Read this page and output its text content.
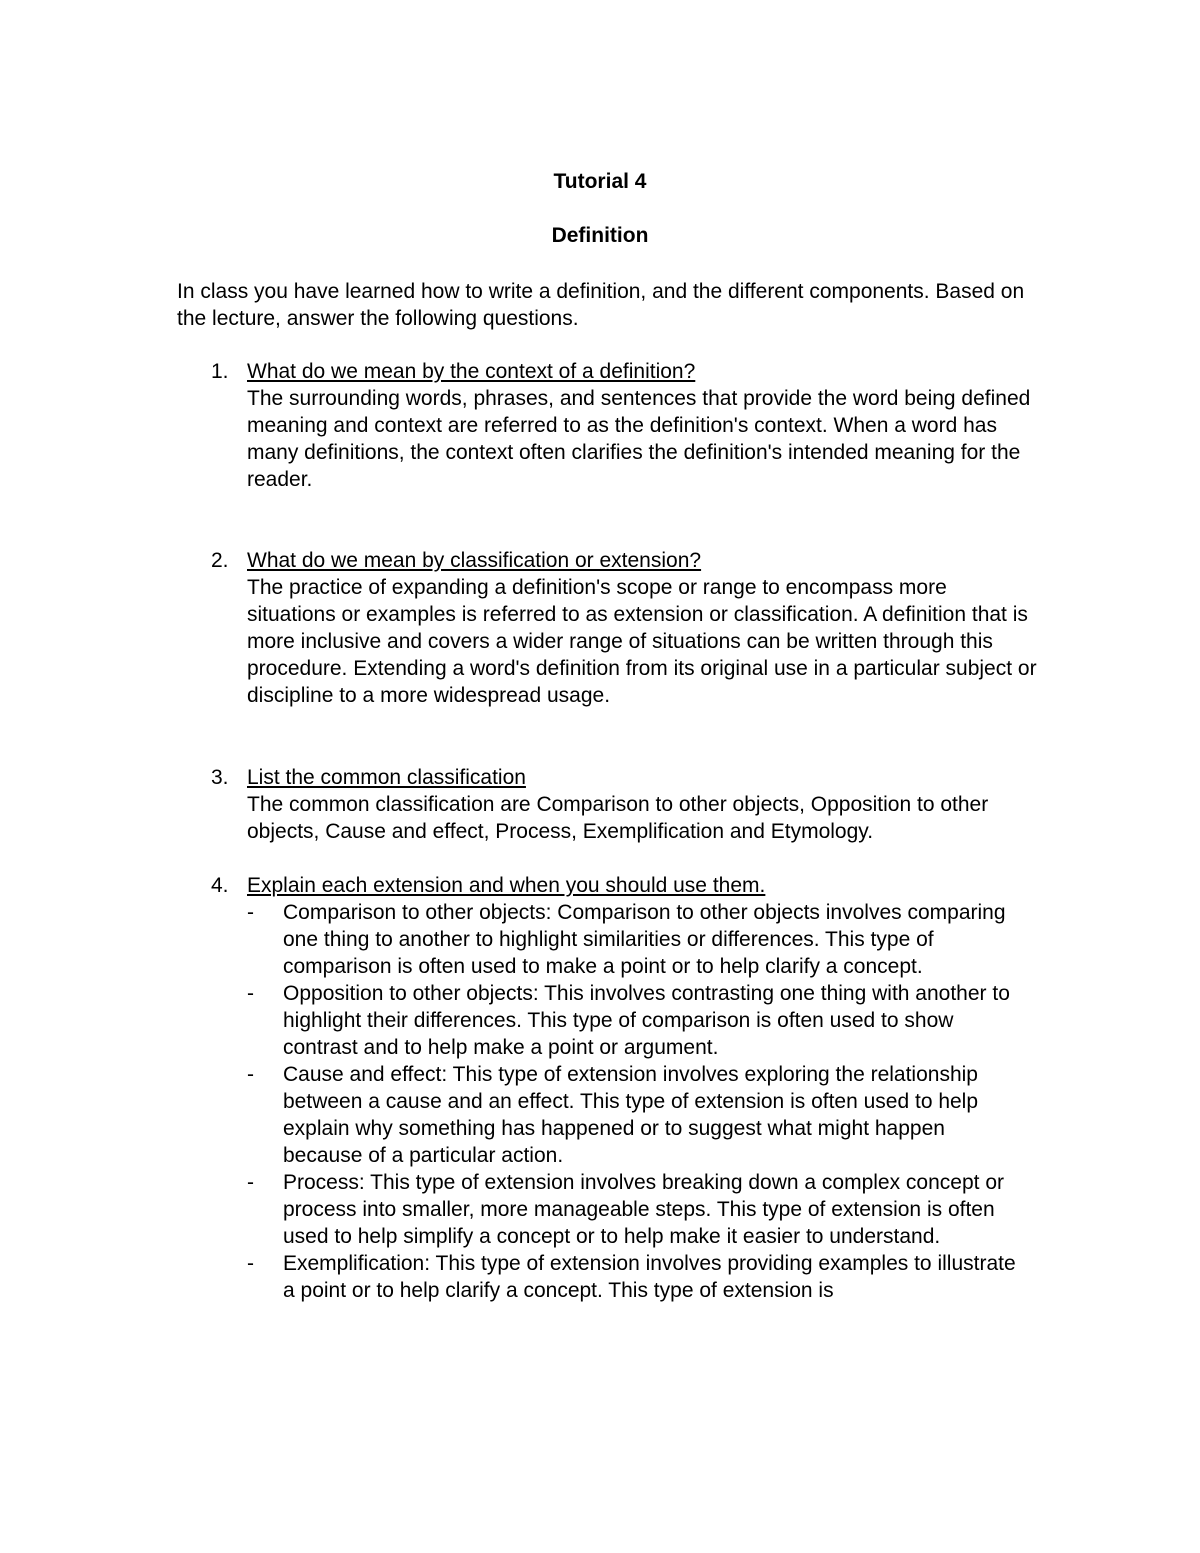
Tutorial 4
Definition

In class you have learned how to write a definition, and the different components. Based on the lecture, answer the following questions.

1. What do we mean by the context of a definition?

The surrounding words, phrases, and sentences that provide the word being defined meaning and context are referred to as the definition's context. When a word has many definitions, the context often clarifies the definition's intended meaning for the reader.

2. What do we mean by classification or extension?

The practice of expanding a definition's scope or range to encompass more situations or examples is referred to as extension or classification. A definition that is more inclusive and covers a wider range of situations can be written through this procedure. Extending a word's definition from its original use in a particular subject or discipline to a more widespread usage.

3. List the common classification

The common classification are Comparison to other objects, Opposition to other objects, Cause and effect, Process, Exemplification and Etymology.

4. Explain each extension and when you should use them.
-	Comparison to other objects: Comparison to other objects involves comparing one thing to another to highlight similarities or differences. This type of comparison is often used to make a point or to help clarify a concept.
-	Opposition to other objects: This involves contrasting one thing with another to highlight their differences. This type of comparison is often used to show contrast and to help make a point or argument.
-	Cause and effect: This type of extension involves exploring the relationship between a cause and an effect. This type of extension is often used to help explain why something has happened or to suggest what might happen because of a particular action.
-	Process: This type of extension involves breaking down a complex concept or process into smaller, more manageable steps. This type of extension is often used to help simplify a concept or to help make it easier to understand.
-	Exemplification: This type of extension involves providing examples to illustrate a point or to help clarify a concept. This type of extension is
